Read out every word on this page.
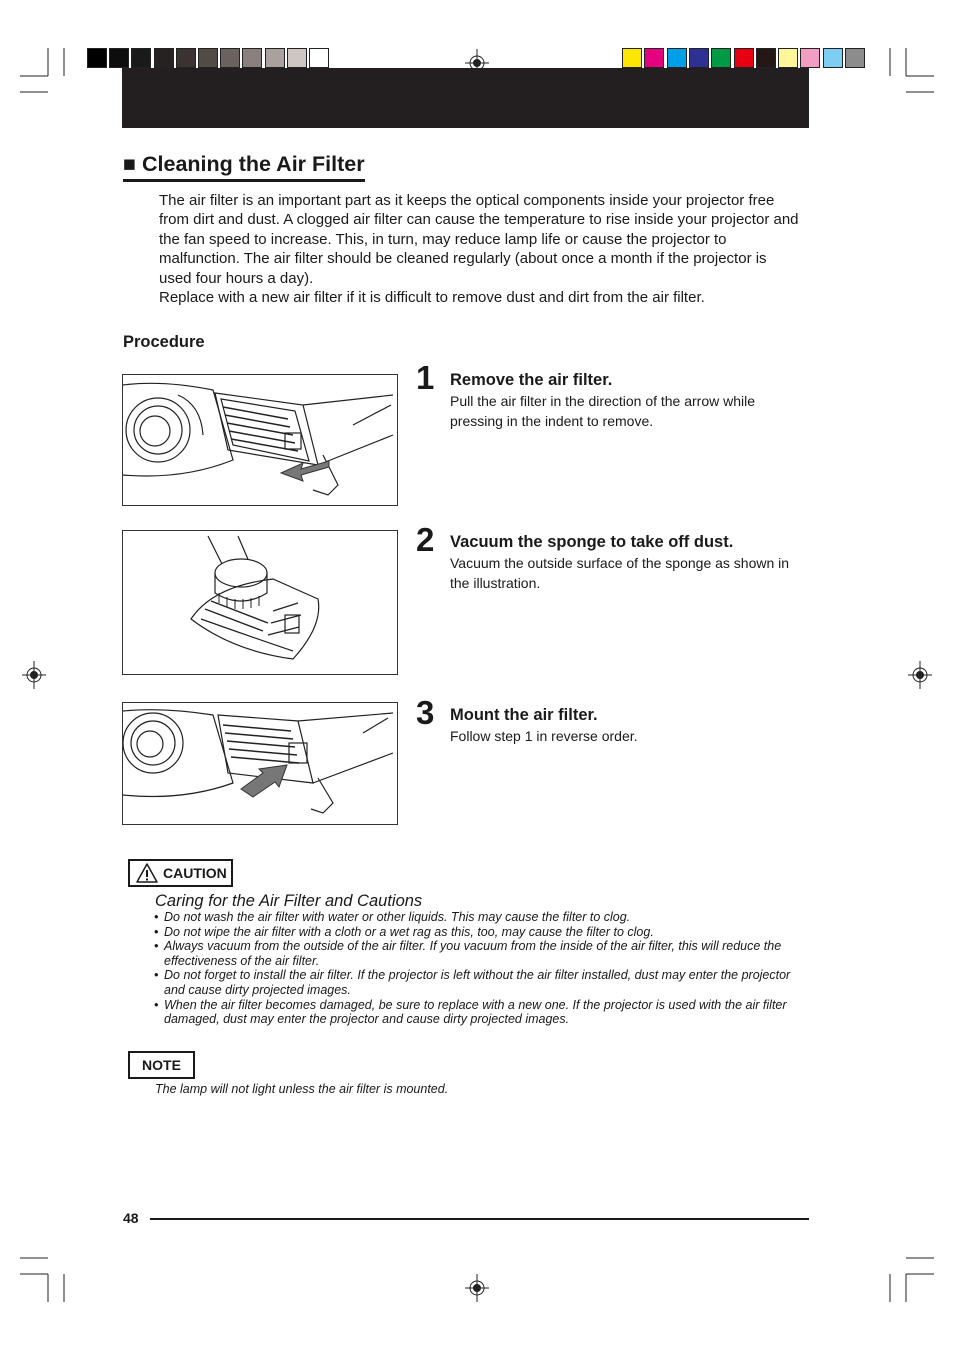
■ Cleaning the Air Filter

The air filter is an important part as it keeps the optical components inside your projector free from dirt and dust. A clogged air filter can cause the temperature to rise inside your projector and the fan speed to increase. This, in turn, may reduce lamp life or cause the projector to malfunction. The air filter should be cleaned regularly (about once a month if the projector is used four hours a day).

Replace with a new air filter if it is difficult to remove dust and dirt from the air filter.

Procedure
1 Remove the air filter.
Pull the air filter in the direction of the arrow while pressing in the indent to remove.
2 Vacuum the sponge to take off dust.
Vacuum the outside surface of the sponge as shown in the illustration.
3 Mount the air filter.
Follow step 1 in reverse order.
CAUTION
Caring for the Air Filter and Cautions
• Do not wash the air filter with water or other liquids. This may cause the filter to clog.
• Do not wipe the air filter with a cloth or a wet rag as this, too, may cause the filter to clog.
• Always vacuum from the outside of the air filter. If you vacuum from the inside of the air filter, this will reduce the effectiveness of the air filter.
• Do not forget to install the air filter. If the projector is left without the air filter installed, dust may enter the projector and cause dirty projected images.
• When the air filter becomes damaged, be sure to replace with a new one. If the projector is used with the air filter damaged, dust may enter the projector and cause dirty projected images.
NOTE
The lamp will not light unless the air filter is mounted.
48
